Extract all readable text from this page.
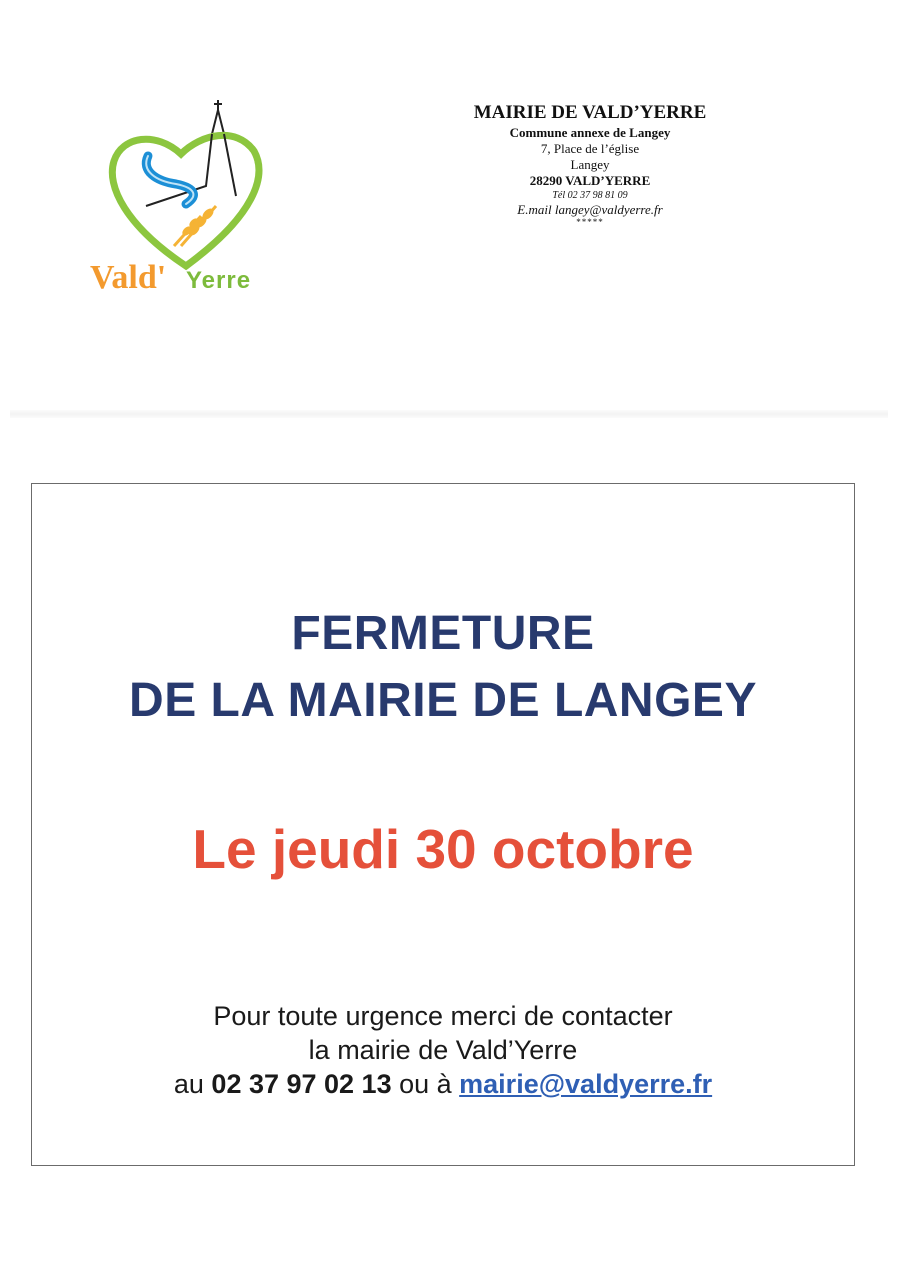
Vald' Yerre
MAIRIE DE VALD’YERRE
Commune annexe de Langey
7, Place de l’église
Langey
28290 VALD’YERRE
Tél 02 37 98 81 09
E.mail langey@valdyerre.fr
*****
FERMETURE
DE LA MAIRIE DE LANGEY
Le jeudi 30 octobre
Pour toute urgence merci de contacter
la mairie de Vald’Yerre
au 02 37 97 02 13 ou à mairie@valdyerre.fr
